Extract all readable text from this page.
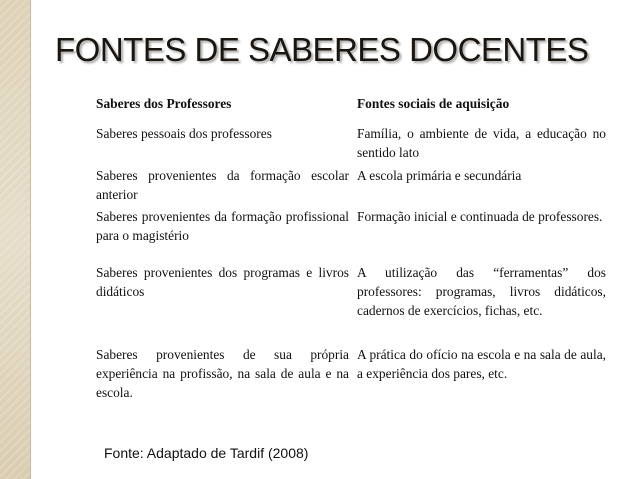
FONTES DE SABERES DOCENTES
Saberes dos Professores	Fontes sociais de aquisição
Saberes pessoais dos professores	Família, o ambiente de vida, a educação no sentido lato
Saberes provenientes da formação escolar anterior
A escola primária e secundária
Saberes provenientes da formação profissional para o magistério
Formação inicial e continuada de professores.
Saberes provenientes dos programas e livros didáticos
A utilização das “ferramentas” dos professores: programas, livros didáticos, cadernos de exercícios, fichas, etc.
Saberes provenientes de sua própria experiência na profissão, na sala de aula e na escola.
A prática do ofício na escola e na sala de aula, a experiência dos pares, etc.

Fonte: Adaptado de Tardif (2008)
